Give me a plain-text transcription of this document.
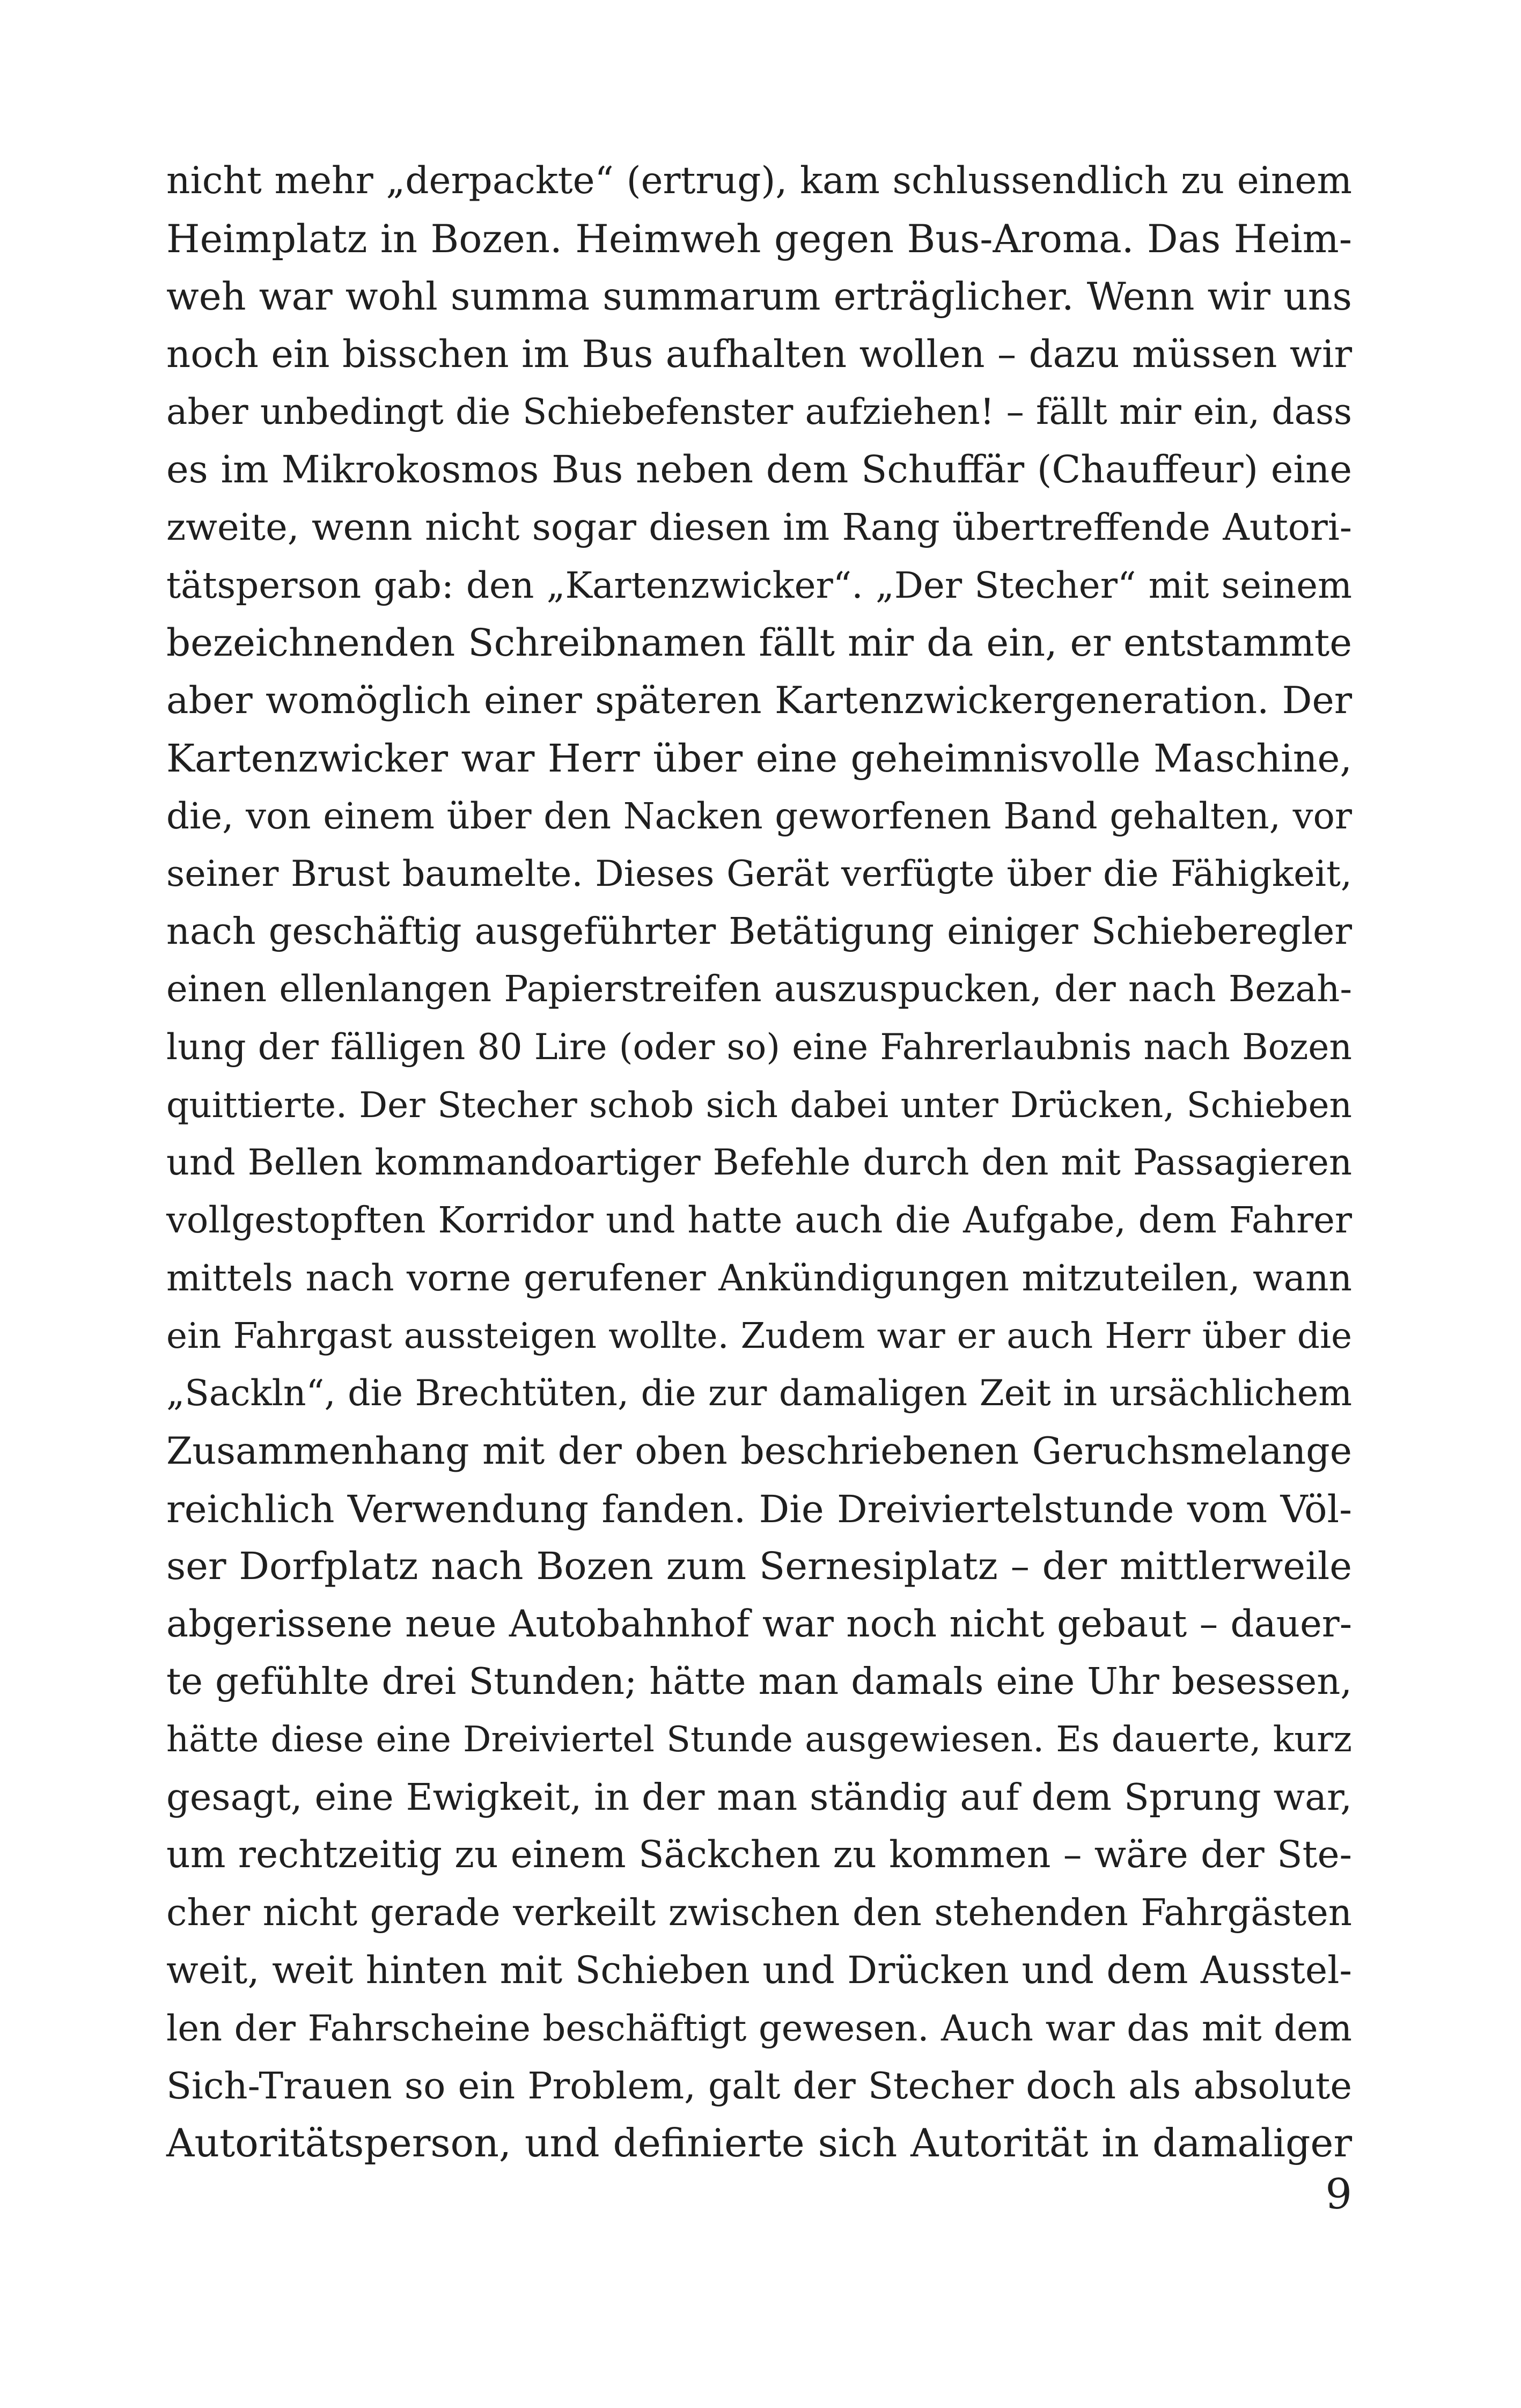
nicht mehr „derpackte“ (ertrug), kam schlussendlich zu einem
Heimplatz in Bozen. Heimweh gegen Bus-Aroma. Das Heim-
weh war wohl summa summarum erträglicher. Wenn wir uns
noch ein bisschen im Bus aufhalten wollen – dazu müssen wir
aber unbedingt die Schiebefenster aufziehen! – fällt mir ein, dass
es im Mikrokosmos Bus neben dem Schuffär (Chauffeur) eine
zweite, wenn nicht sogar diesen im Rang übertreffende Autori-
tätsperson gab: den „Kartenzwicker“. „Der Stecher“ mit seinem
bezeichnenden Schreibnamen fällt mir da ein, er entstammte
aber womöglich einer späteren Kartenzwickergeneration. Der
Kartenzwicker war Herr über eine geheimnisvolle Maschine,
die, von einem über den Nacken geworfenen Band gehalten, vor
seiner Brust baumelte. Dieses Gerät verfügte über die Fähigkeit,
nach geschäftig ausgeführter Betätigung einiger Schieberegler
einen ellenlangen Papierstreifen auszuspucken, der nach Bezah-
lung der fälligen 80 Lire (oder so) eine Fahrerlaubnis nach Bozen
quittierte. Der Stecher schob sich dabei unter Drücken, Schieben
und Bellen kommandoartiger Befehle durch den mit Passagieren
vollgestopften Korridor und hatte auch die Aufgabe, dem Fahrer
mittels nach vorne gerufener Ankündigungen mitzuteilen, wann
ein Fahrgast aussteigen wollte. Zudem war er auch Herr über die
„Sackln“, die Brechtüten, die zur damaligen Zeit in ursächlichem
Zusammenhang mit der oben beschriebenen Geruchsmelange
reichlich Verwendung fanden. Die Dreiviertelstunde vom Völ-
ser Dorfplatz nach Bozen zum Sernesiplatz – der mittlerweile
abgerissene neue Autobahnhof war noch nicht gebaut – dauer-
te gefühlte drei Stunden; hätte man damals eine Uhr besessen,
hätte diese eine Dreiviertel Stunde ausgewiesen. Es dauerte, kurz
gesagt, eine Ewigkeit, in der man ständig auf dem Sprung war,
um rechtzeitig zu einem Säckchen zu kommen – wäre der Ste-
cher nicht gerade verkeilt zwischen den stehenden Fahrgästen
weit, weit hinten mit Schieben und Drücken und dem Ausstel-
len der Fahrscheine beschäftigt gewesen. Auch war das mit dem
Sich-Trauen so ein Problem, galt der Stecher doch als absolute
Autoritätsperson, und definierte sich Autorität in damaliger
9
